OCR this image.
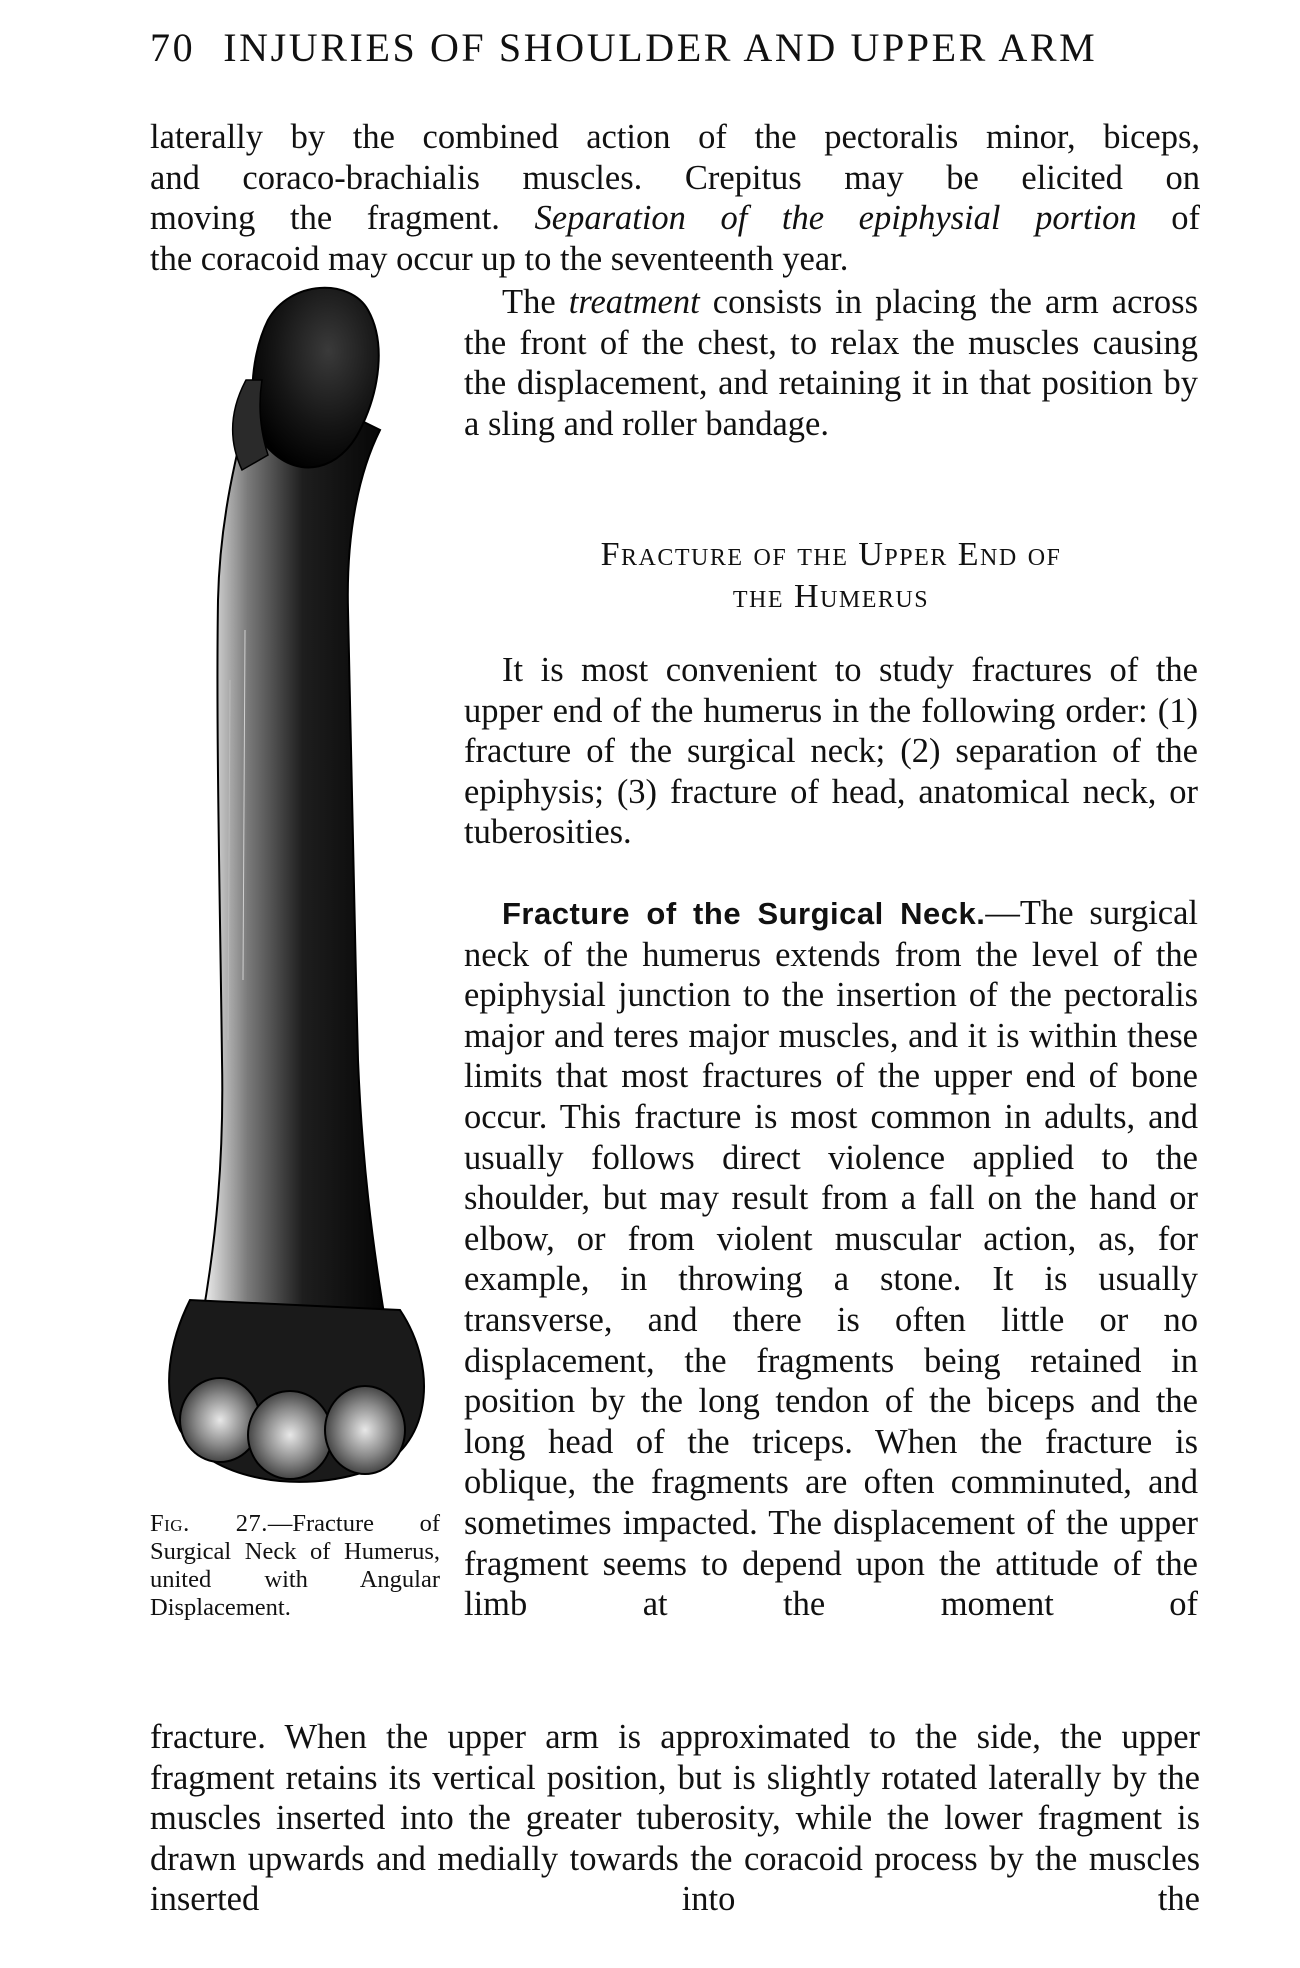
70 INJURIES OF SHOULDER AND UPPER ARM

laterally by the combined action of the pectoralis minor, biceps,

and coraco-brachialis muscles. Crepitus may be elicited on

moving the fragment. Separation of the epiphysial portion of

the coracoid may occur up to the seventeenth year.

The treatment consists in placing the arm across the front of the chest, to relax the muscles causing the displacement, and retaining it in that position by a sling and roller bandage.

Fracture of the Upper End of
the Humerus

It is most convenient to study fractures of the upper end of the humerus in the following order: (1) fracture of the surgical neck; (2) separation of the epiphysis; (3) fracture of head, anatomical neck, or tuberosities.

Fracture of the Surgical Neck.—The surgical neck of the humerus extends from the level of the epiphysial junction to the insertion of the pectoralis major and teres major muscles, and it is within these limits that most fractures of the upper end of bone occur. This fracture is most common in adults, and usually follows direct violence applied to the shoulder, but may result from a fall on the hand or elbow, or from violent muscular action, as, for example, in throwing a stone. It is usually transverse, and there is often little or no displacement, the fragments being retained in position by the long tendon of the biceps and the long head of the triceps. When the fracture is oblique, the fragments are often comminuted, and sometimes impacted. The displacement of the upper fragment seems to depend upon the attitude of the limb at the moment of

Fig. 27.—Fracture of Surgical Neck of Humerus, united with Angular Displacement.

fracture. When the upper arm is approximated to the side, the upper fragment retains its vertical position, but is slightly rotated laterally by the muscles inserted into the greater tuberosity, while the lower fragment is drawn upwards and medially towards the coracoid process by the muscles inserted into the
